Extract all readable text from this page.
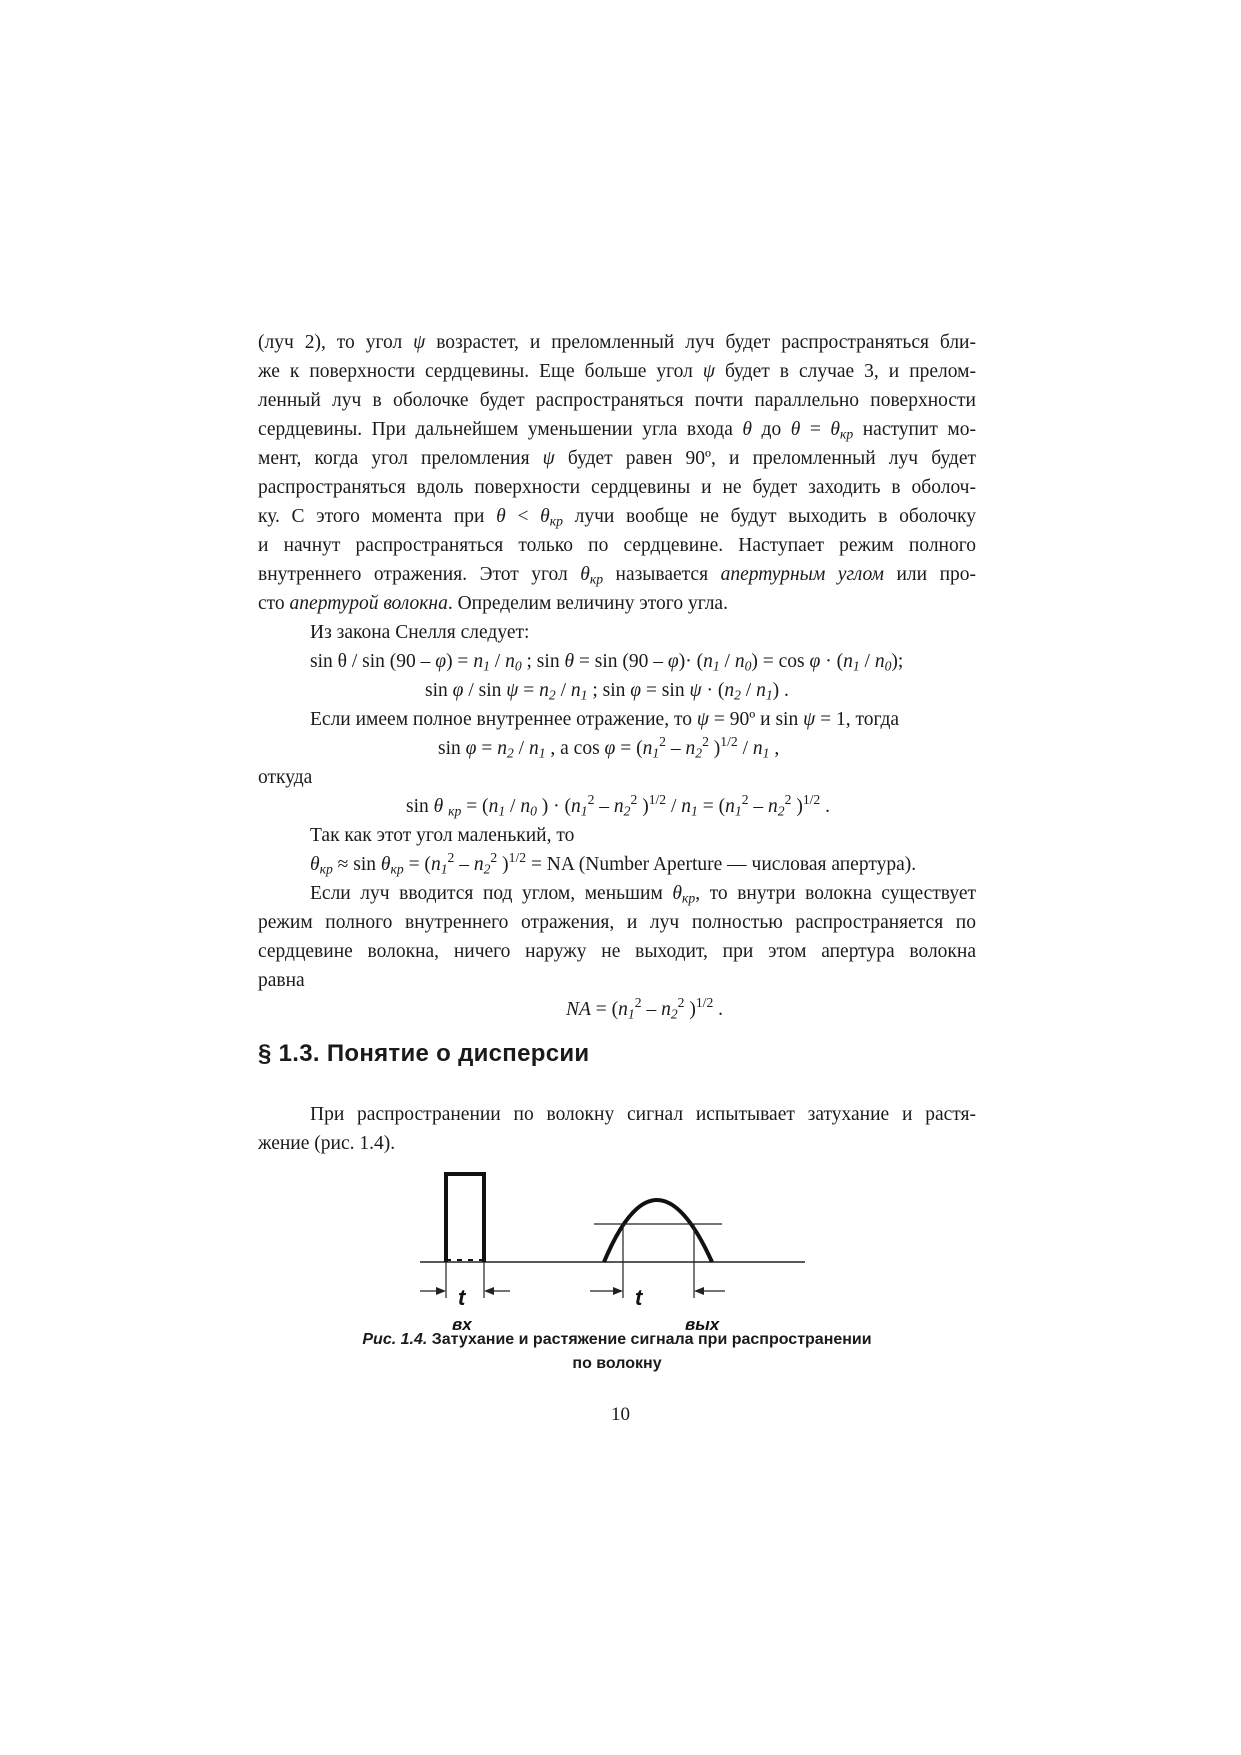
(луч 2), то угол ψ возрастет, и преломленный луч будет распространяться бли-
же к поверхности сердцевины. Еще больше угол ψ будет в случае 3, и прелом-
ленный луч в оболочке будет распространяться почти параллельно поверхности
сердцевины. При дальнейшем уменьшении угла входа θ до $\theta = \theta_{кр}$ наступит мо-
мент, когда угол преломления ψ будет равен 90º, и преломленный луч будет
распространяться вдоль поверхности сердцевины и не будет заходить в оболоч-
ку. С этого момента при $\theta < \theta_{кр}$ лучи вообще не будут выходить в оболочку
и начнут распространяться только по сердцевине. Наступает режим полного
внутреннего отражения. Этот угол $\theta_{кр}$ называется апертурным углом или про-
сто апертурой волокна. Определим величину этого угла.
Из закона Снелля следует:
$\sin \theta / \sin (90 - \varphi) = n_1 / n_0$ ; $\sin \theta = \sin (90 - \varphi)\cdot (n_1 / n_0) = \cos \varphi \cdot (n_1 / n_0)$;
$\sin \varphi / \sin \psi = n_2 / n_1$ ; $\sin \varphi = \sin \psi \cdot (n_2 / n_1)$ .
Если имеем полное внутреннее отражение, то ψ = 90º и sin ψ = 1, тогда
$\sin \varphi = n_2 / n_1$ , а $\cos \varphi = (n_1^2 - n_2^2$ )$^{1/2} / n_1$ ,
откуда
sin θ $_{кр} = (n_1 / n_0$ ) · ($n_1^2 - n_2^2$ )$^{1/2} / n_1 = (n_1^2 - n_2^2$ )$^{1/2}$ .
Так как этот угол маленький, то
$\theta_{кр} \approx \sin \theta_{кр} = (n_1^2 - n_2^2$ )$^{1/2}$ = NA (Number Aperture — числовая апертура).
Если луч вводится под углом, меньшим $\theta_{кр}$, то внутри волокна существует
режим полного внутреннего отражения, и луч полностью распространяется по
сердцевине волокна, ничего наружу не выходит, при этом апертура волокна
равна
NA = ($n_1^2 - n_2^2$ )$^{1/2}$ .
§ 1.3. Понятие о дисперсии
При распространении по волокну сигнал испытывает затухание и растя-
жение (рис. 1.4).
t
вх
t
вых
Рис. 1.4. Затухание и растяжение сигнала при распространении
по волокну
10
